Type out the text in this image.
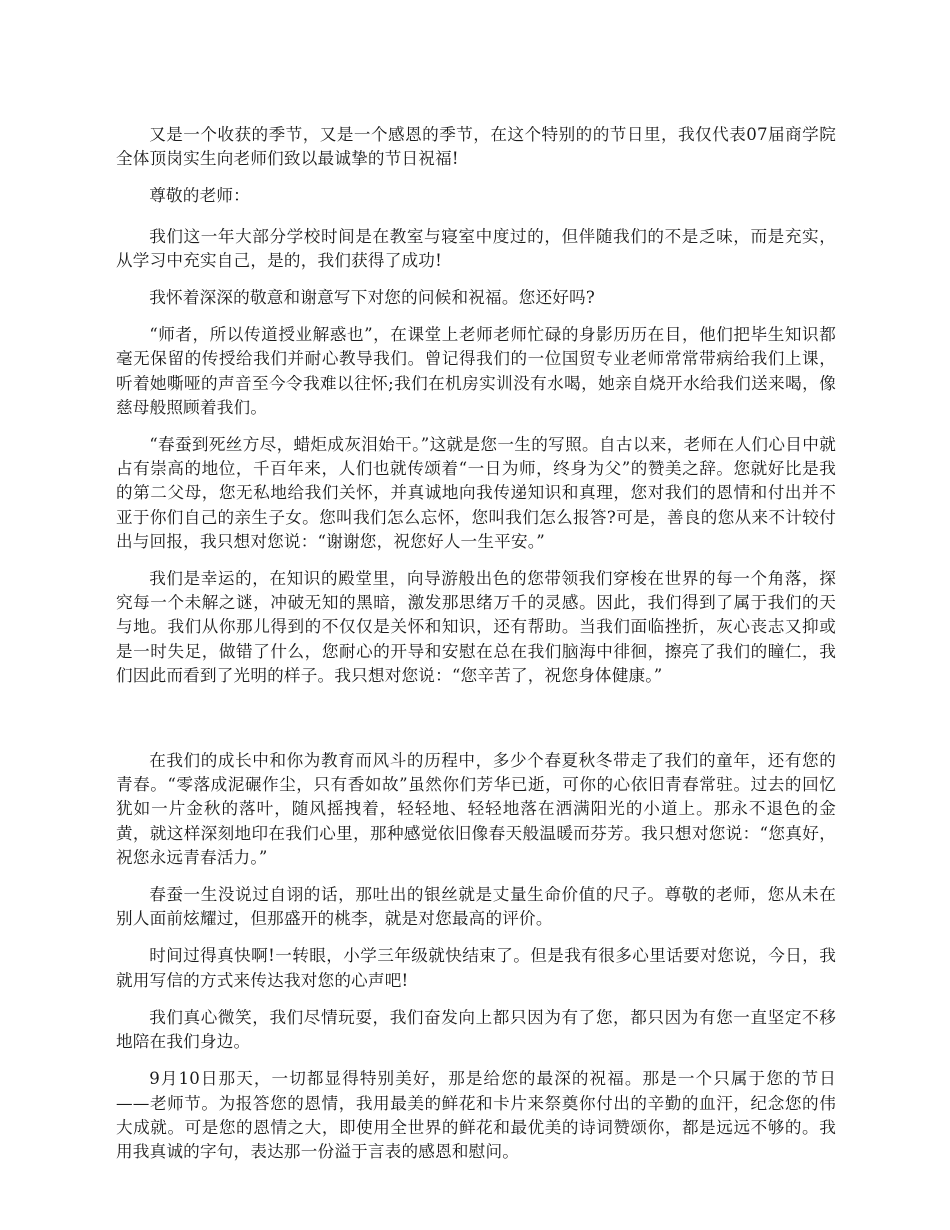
又是一个收获的季节，又是一个感恩的季节，在这个特别的的节日里，我仅代表07届商学院全体顶岗实生向老师们致以最诚挚的节日祝福!

尊敬的老师：

我们这一年大部分学校时间是在教室与寝室中度过的，但伴随我们的不是乏味，而是充实，从学习中充实自己，是的，我们获得了成功!

我怀着深深的敬意和谢意写下对您的问候和祝福。您还好吗?

“师者，所以传道授业解惑也”，在课堂上老师老师忙碌的身影历历在目，他们把毕生知识都毫无保留的传授给我们并耐心教导我们。曾记得我们的一位国贸专业老师常常带病给我们上课，听着她嘶哑的声音至今令我难以往怀;我们在机房实训没有水喝，她亲自烧开水给我们送来喝，像慈母般照顾着我们。

“春蚕到死丝方尽，蜡炬成灰泪始干。”这就是您一生的写照。自古以来，老师在人们心目中就占有崇高的地位，千百年来，人们也就传颂着“一日为师，终身为父”的赞美之辞。您就好比是我的第二父母，您无私地给我们关怀，并真诚地向我传递知识和真理，您对我们的恩情和付出并不亚于你们自己的亲生子女。您叫我们怎么忘怀，您叫我们怎么报答?可是，善良的您从来不计较付出与回报，我只想对您说：“谢谢您，祝您好人一生平安。”

我们是幸运的，在知识的殿堂里，向导游般出色的您带领我们穿梭在世界的每一个角落，探究每一个未解之谜，冲破无知的黑暗，激发那思绪万千的灵感。因此，我们得到了属于我们的天与地。我们从你那儿得到的不仅仅是关怀和知识，还有帮助。当我们面临挫折，灰心丧志又抑或是一时失足，做错了什么，您耐心的开导和安慰在总在我们脑海中徘徊，擦亮了我们的瞳仁，我们因此而看到了光明的样子。我只想对您说：“您辛苦了，祝您身体健康。”

在我们的成长中和你为教育而风斗的历程中，多少个春夏秋冬带走了我们的童年，还有您的青春。“零落成泥碾作尘，只有香如故”虽然你们芳华已逝，可你的心依旧青春常驻。过去的回忆犹如一片金秋的落叶，随风摇拽着，轻轻地、轻轻地落在洒满阳光的小道上。那永不退色的金黄，就这样深刻地印在我们心里，那种感觉依旧像春天般温暖而芬芳。我只想对您说：“您真好，祝您永远青春活力。”

春蚕一生没说过自诩的话，那吐出的银丝就是丈量生命价值的尺子。尊敬的老师，您从未在别人面前炫耀过，但那盛开的桃李，就是对您最高的评价。

时间过得真快啊!一转眼，小学三年级就快结束了。但是我有很多心里话要对您说，今日，我就用写信的方式来传达我对您的心声吧!

我们真心微笑，我们尽情玩耍，我们奋发向上都只因为有了您，都只因为有您一直坚定不移地陪在我们身边。

9月10日那天，一切都显得特别美好，那是给您的最深的祝福。那是一个只属于您的节日——老师节。为报答您的恩情，我用最美的鲜花和卡片来祭奠你付出的辛勤的血汗，纪念您的伟大成就。可是您的恩情之大，即使用全世界的鲜花和最优美的诗词赞颂你，都是远远不够的。我用我真诚的字句，表达那一份溢于言表的感恩和慰问。
